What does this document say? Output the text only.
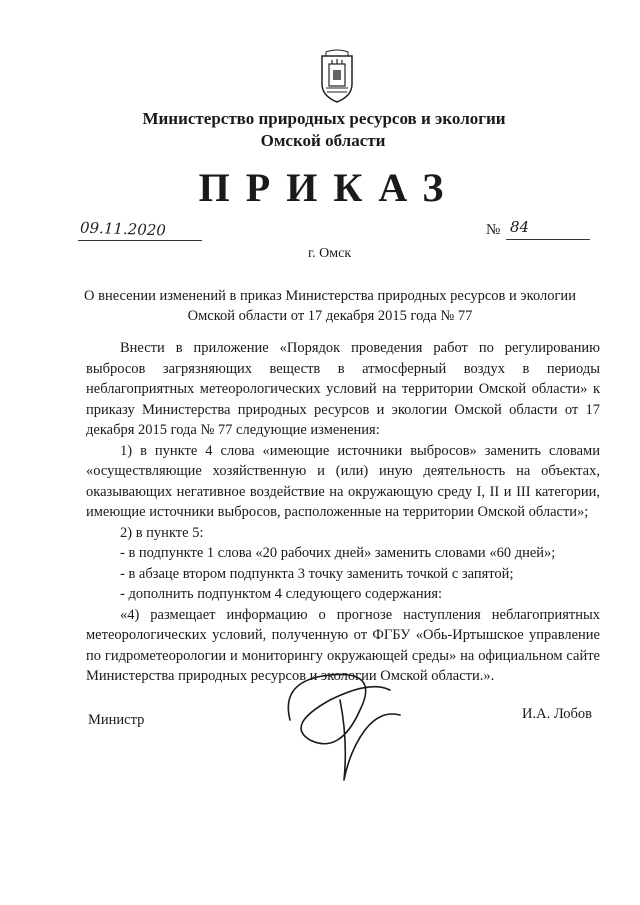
Министерство природных ресурсов и экологии
Омской области
ПРИКАЗ
09.11.2020	№ 84
г. Омск
О внесении изменений в приказ Министерства природных ресурсов и экологии
Омской области от 17 декабря 2015 года № 77

Внести в приложение «Порядок проведения работ по регулированию выбросов загрязняющих веществ в атмосферный воздух в периоды неблагоприятных метеорологических условий на территории Омской области» к приказу Министерства природных ресурсов и экологии Омской области от 17 декабря 2015 года № 77 следующие изменения:

1) в пункте 4 слова «имеющие источники выбросов» заменить словами «осуществляющие хозяйственную и (или) иную деятельность на объектах, оказывающих негативное воздействие на окружающую среду I, II и III категории, имеющие источники выбросов, расположенные на территории Омской области»;

2) в пункте 5:

- в подпункте 1 слова «20 рабочих дней» заменить словами «60 дней»;

- в абзаце втором подпункта 3 точку заменить точкой с запятой;

- дополнить подпунктом 4 следующего содержания:

«4) размещает информацию о прогнозе наступления неблагоприятных метеорологических условий, полученную от ФГБУ «Обь-Иртышское управление по гидрометеорологии и мониторингу окружающей среды» на официальном сайте Министерства природных ресурсов и экологии Омской области.».

Министр	И.А. Лобов
